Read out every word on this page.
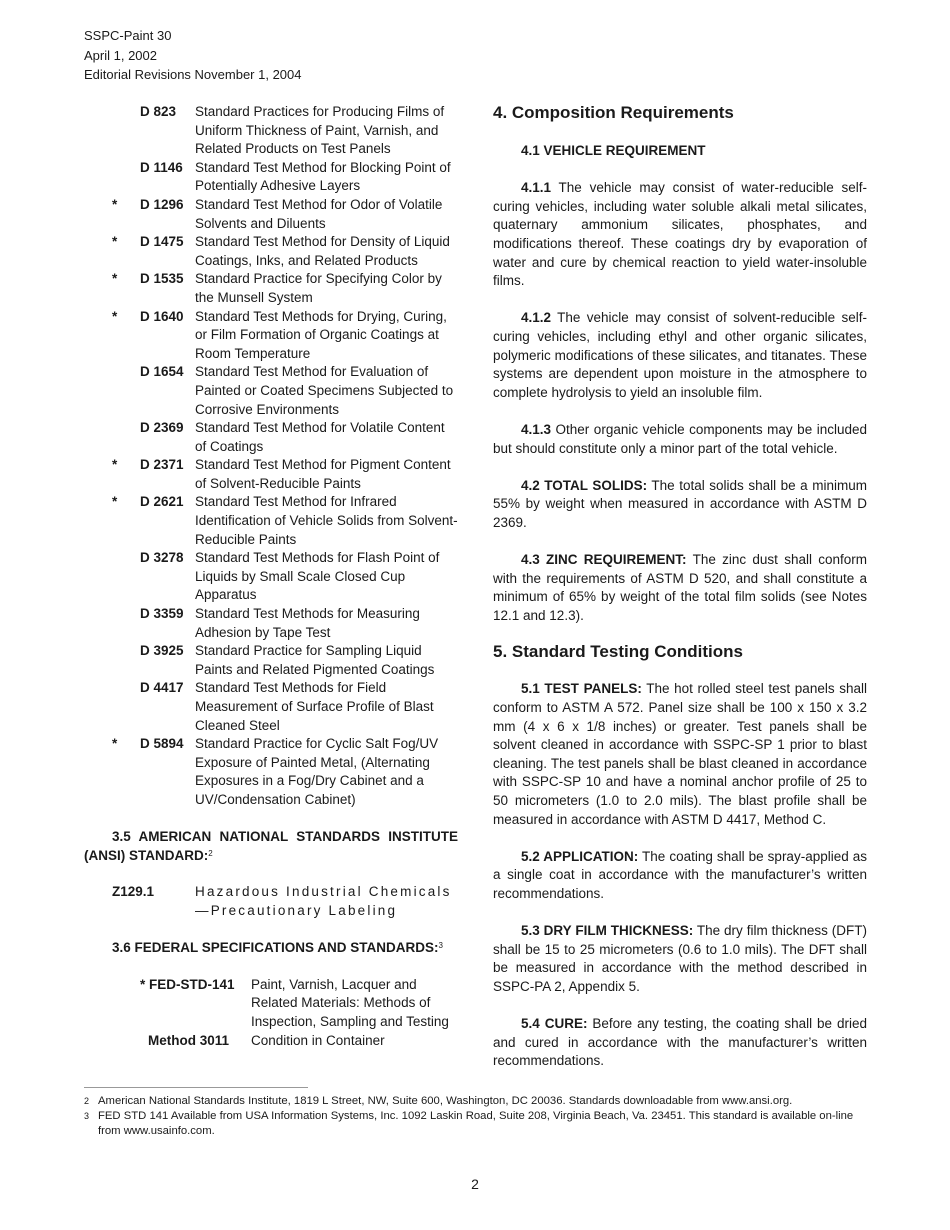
SSPC-Paint 30
April 1, 2002
Editorial Revisions November 1, 2004
D 823 Standard Practices for Producing Films of Uniform Thickness of Paint, Varnish, and Related Products on Test Panels
D 1146 Standard Test Method for Blocking Point of Potentially Adhesive Layers
* D 1296 Standard Test Method for Odor of Volatile Solvents and Diluents
* D 1475 Standard Test Method for Density of Liquid Coatings, Inks, and Related Products
* D 1535 Standard Practice for Specifying Color by the Munsell System
* D 1640 Standard Test Methods for Drying, Curing, or Film Formation of Organic Coatings at Room Temperature
D 1654 Standard Test Method for Evaluation of Painted or Coated Specimens Subjected to Corrosive Environments
D 2369 Standard Test Method for Volatile Content of Coatings
* D 2371 Standard Test Method for Pigment Content of Solvent-Reducible Paints
* D 2621 Standard Test Method for Infrared Identification of Vehicle Solids from Solvent-Reducible Paints
D 3278 Standard Test Methods for Flash Point of Liquids by Small Scale Closed Cup Apparatus
D 3359 Standard Test Methods for Measuring Adhesion by Tape Test
D 3925 Standard Practice for Sampling Liquid Paints and Related Pigmented Coatings
D 4417 Standard Test Methods for Field Measurement of Surface Profile of Blast Cleaned Steel
* D 5894 Standard Practice for Cyclic Salt Fog/UV Exposure of Painted Metal, (Alternating Exposures in a Fog/Dry Cabinet and a UV/Condensation Cabinet)
3.5 AMERICAN NATIONAL STANDARDS INSTITUTE (ANSI) STANDARD:$^2$
Z129.1	Hazardous Industrial Chemicals—Precautionary Labeling
3.6 FEDERAL SPECIFICATIONS AND STANDARDS:$^3$
* FED-STD-141 Paint, Varnish, Lacquer and Related Materials: Methods of Inspection, Sampling and Testing
Method 3011 Condition in Container
4. Composition Requirements
4.1 VEHICLE REQUIREMENT
4.1.1 The vehicle may consist of water-reducible self-curing vehicles, including water soluble alkali metal silicates, quaternary ammonium silicates, phosphates, and modifications thereof. These coatings dry by evaporation of water and cure by chemical reaction to yield water-insoluble films.
4.1.2 The vehicle may consist of solvent-reducible self-curing vehicles, including ethyl and other organic silicates, polymeric modifications of these silicates, and titanates. These systems are dependent upon moisture in the atmosphere to complete hydrolysis to yield an insoluble film.
4.1.3 Other organic vehicle components may be included but should constitute only a minor part of the total vehicle.
4.2 TOTAL SOLIDS: The total solids shall be a minimum 55% by weight when measured in accordance with ASTM D 2369.
4.3 ZINC REQUIREMENT: The zinc dust shall conform with the requirements of ASTM D 520, and shall constitute a minimum of 65% by weight of the total film solids (see Notes 12.1 and 12.3).
5. Standard Testing Conditions
5.1 TEST PANELS: The hot rolled steel test panels shall conform to ASTM A 572. Panel size shall be 100 x 150 x 3.2 mm (4 x 6 x 1/8 inches) or greater. Test panels shall be solvent cleaned in accordance with SSPC-SP 1 prior to blast cleaning. The test panels shall be blast cleaned in accordance with SSPC-SP 10 and have a nominal anchor profile of 25 to 50 micrometers (1.0 to 2.0 mils). The blast profile shall be measured in accordance with ASTM D 4417, Method C.
5.2 APPLICATION: The coating shall be spray-applied as a single coat in accordance with the manufacturer’s written recommendations.
5.3 DRY FILM THICKNESS: The dry film thickness (DFT) shall be 15 to 25 micrometers (0.6 to 1.0 mils). The DFT shall be measured in accordance with the method described in SSPC-PA 2, Appendix 5.
5.4 CURE: Before any testing, the coating shall be dried and cured in accordance with the manufacturer’s written recommendations.
2 American National Standards Institute, 1819 L Street, NW, Suite 600, Washington, DC 20036. Standards downloadable from www.ansi.org.
3 FED STD 141 Available from USA Information Systems, Inc. 1092 Laskin Road, Suite 208, Virginia Beach, Va. 23451. This standard is available on-line from www.usainfo.com.
2
